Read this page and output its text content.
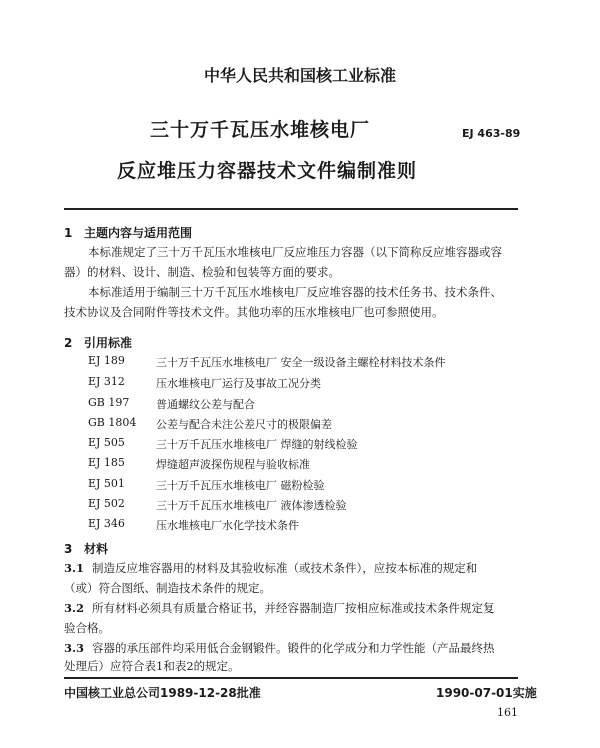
中华人民共和国核工业标准
三十万千瓦压水堆核电厂
反应堆压力容器技术文件编制准则
EJ 463-89
1 主题内容与适用范围
本标准规定了三十万千瓦压水堆核电厂反应堆压力容器（以下简称反应堆容器或容
器）的材料、设计、制造、检验和包装等方面的要求。
本标准适用于编制三十万千瓦压水堆核电厂反应堆容器的技术任务书、技术条件、
技术协议及合同附件等技术文件。其他功率的压水堆核电厂也可参照使用。
2 引用标准
EJ 189	三十万千瓦压水堆核电厂 安全一级设备主螺栓材料技术条件
EJ 312	压水堆核电厂运行及事故工况分类
GB 197 普通螺纹公差与配合
GB 1804 公差与配合未注公差尺寸的极限偏差
EJ 505	三十万千瓦压水堆核电厂 焊缝的射线检验
EJ 185	焊缝超声波探伤规程与验收标准
EJ 501	三十万千瓦压水堆核电厂 磁粉检验
EJ 502	三十万千瓦压水堆核电厂 液体渗透检验
EJ 346	压水堆核电厂水化学技术条件
3 材料
3.1 制造反应堆容器用的材料及其验收标准（或技术条件），应按本标准的规定和
（或）符合图纸、制造技术条件的规定。
3.2 所有材料必须具有质量合格证书，并经容器制造厂按相应标准或技术条件规定复
验合格。
3.3 容器的承压部件均采用低合金钢锻件。锻件的化学成分和力学性能（产品最终热
处理后）应符合表1和表2的规定。
中国核工业总公司1989-12-28批准	1990-07-01实施
161
